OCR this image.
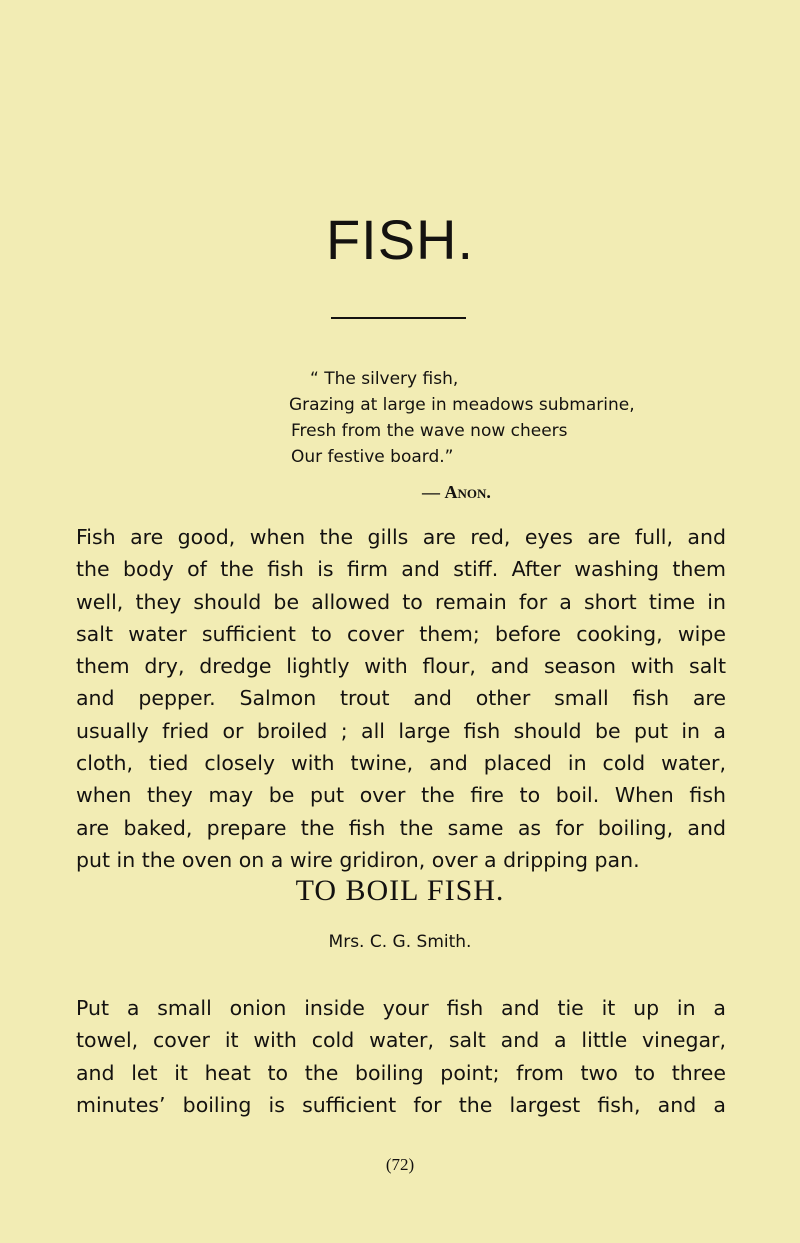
FISH.
“ The silvery fish,
Grazing at large in meadows submarine,
Fresh from the wave now cheers
Our festive board.”
— Anon.
Fish are good, when the gills are red, eyes are full, and
the body of the fish is firm and stiff. After washing them
well, they should be allowed to remain for a short time in
salt water sufficient to cover them; before cooking, wipe
them dry, dredge lightly with flour, and season with salt
and pepper. Salmon trout and other small fish are
usually fried or broiled ; all large fish should be put in a
cloth, tied closely with twine, and placed in cold water,
when they may be put over the fire to boil. When fish
are baked, prepare the fish the same as for boiling, and
put in the oven on a wire gridiron, over a dripping pan.
TO BOIL FISH.
Mrs. C. G. Smith.
Put a small onion inside your fish and tie it up in a
towel, cover it with cold water, salt and a little vinegar,
and let it heat to the boiling point; from two to three
minutes’ boiling is sufficient for the largest fish, and a
(72)
